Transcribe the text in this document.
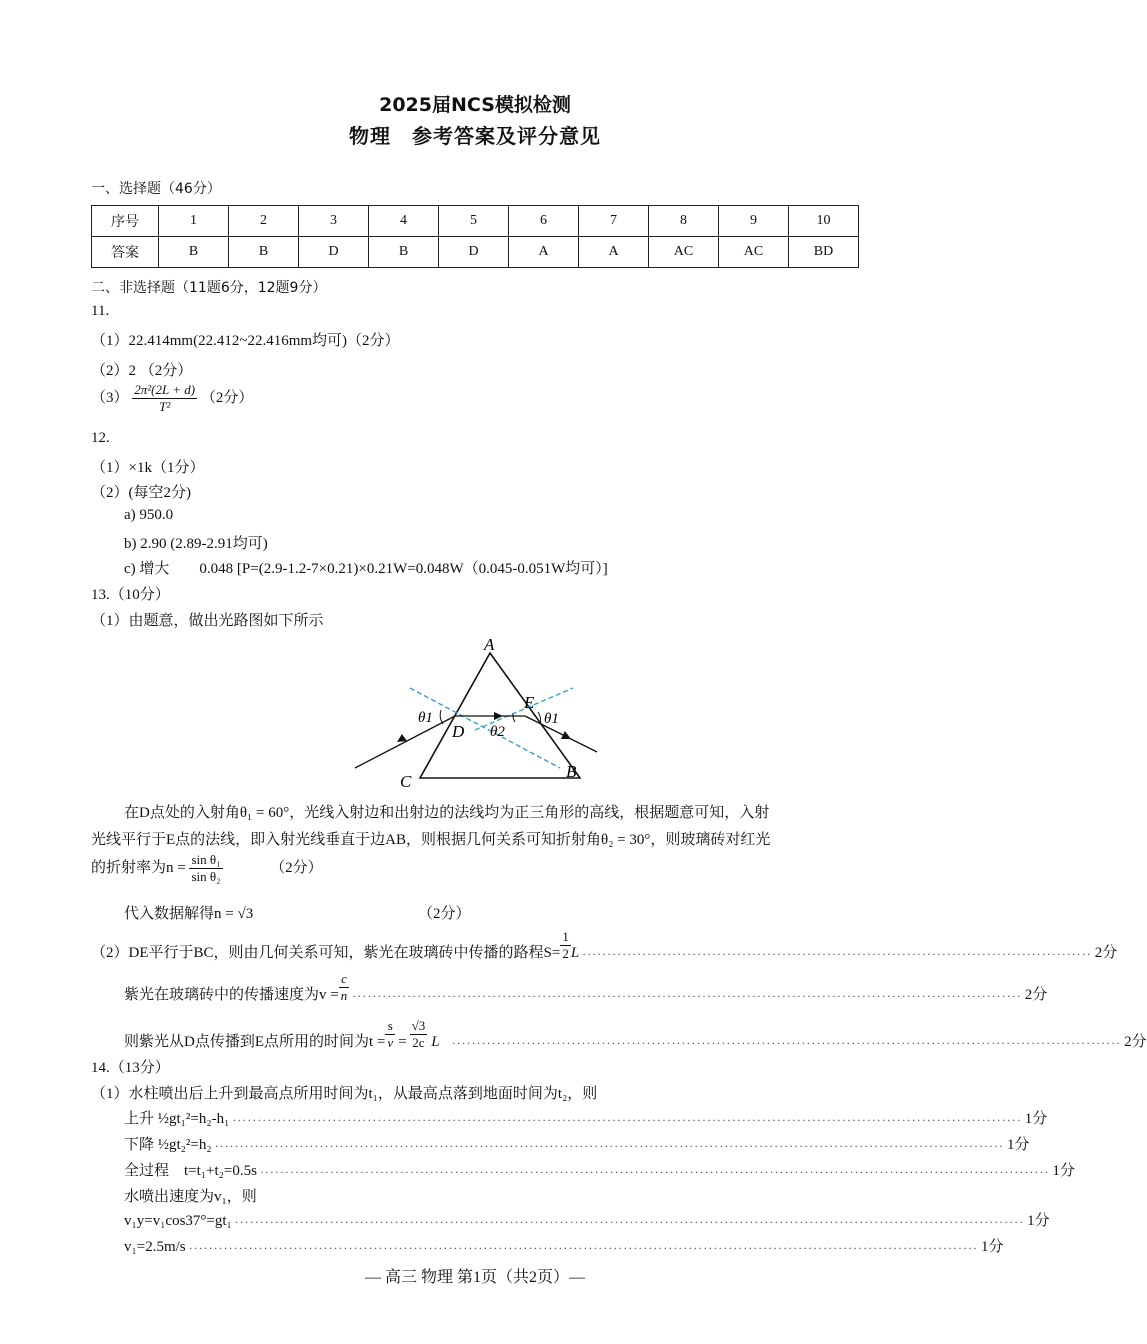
2025届NCS模拟检测
物理　参考答案及评分意见
一、选择题（46分）
序号	1	2	3	4	5	6	7	8	9	10
答案	B	B	D	B	D	A	A	AC	AC	BD
二、非选择题（11题6分，12题9分）
11.
（1）22.414mm(22.412~22.416mm均可)（2分）
（2）2 （2分）
$(3) \frac{\text{2π²(2L + d)}}{\text{T²}} (2$分）
12.
（1）×1k（1分）
（2）(每空2分)
a) 950.0
b) 2.90 (2.89-2.91均可)
c) 增大　　0.048 [P=(2.9-1.2-7×0.21)×0.21W=0.048W（0.045-0.051W均可）]
13.（10分）
（1）由题意，做出光路图如下所示
A
B
C
D
E
θ1
θ2
θ1
在D点处的入射角θ₁ = 60°，光线入射边和出射边的法线均为正三角形的高线，根据题意可知，入射
光线平行于E点的法线，即入射光线垂直于边AB，则根据几何关系可知折射角θ₂ = 30°，则玻璃砖对红光
的折射率为$n = \frac{\text{sin θ₁}}{\text{sin θ₂}}$	（2分）
代入数据解得n = √3	（2分）
（2）DE平行于BC，则由几何关系可知，紫光在玻璃砖中传播的路程$S= \frac{1}{2}$ L ······································································································ 2分
紫光在玻璃砖中的传播速度为$v = \frac{c}{n}$ ······································································································································ 2分
则紫光从D点传播到E点所用的时间为$t = \frac{s}{v} = \frac{√3}{2c}$ L ······································································································································ 2分
14.（13分）
（1）水柱喷出后上升到最高点所用时间为t₁，从最高点落到地面时间为t₂，则
上升 ½gt₁²=h₂-h₁ ······························································································································································ 1分
下降 ½gt₂²=h₂ ······························································································································································ 1分
全过程　t=t₁+t₂=0.5s ······························································································································································ 1分
水喷出速度为v₁，则
v₁y=v₁cos37°=gt₁ ······························································································································································ 1分
v₁=2.5m/s ······························································································································································ 1分
— 高三 物理 第1页（共2页）—
